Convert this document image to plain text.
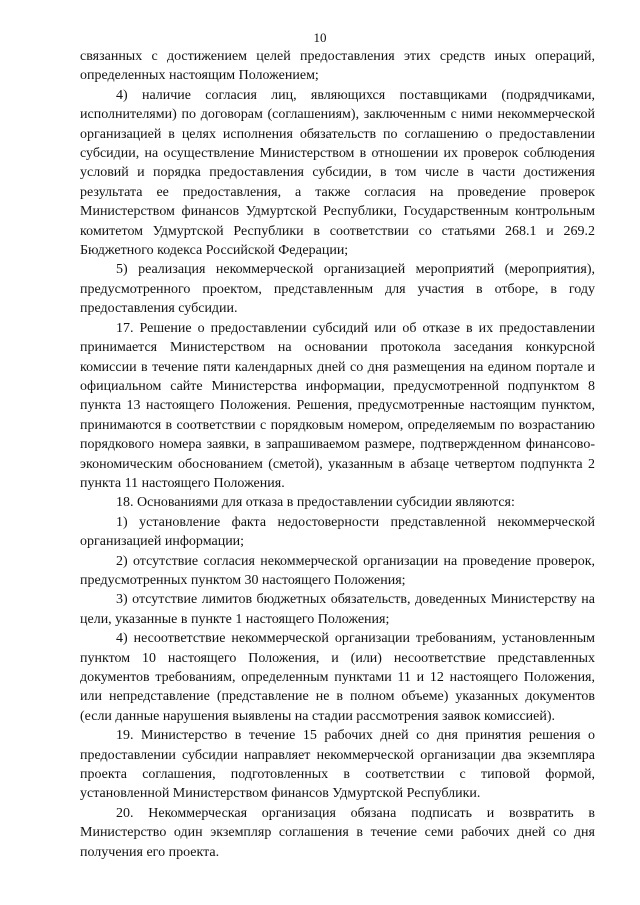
10

связанных с достижением целей предоставления этих средств иных операций, определенных настоящим Положением;

4) наличие согласия лиц, являющихся поставщиками (подрядчиками, исполнителями) по договорам (соглашениям), заключенным с ними некоммерческой организацией в целях исполнения обязательств по соглашению о предоставлении субсидии, на осуществление Министерством в отношении их проверок соблюдения условий и порядка предоставления субсидии, в том числе в части достижения результата ее предоставления, а также согласия на проведение проверок Министерством финансов Удмуртской Республики, Государственным контрольным комитетом Удмуртской Республики в соответствии со статьями 268.1 и 269.2 Бюджетного кодекса Российской Федерации;

5) реализация некоммерческой организацией мероприятий (мероприятия), предусмотренного проектом, представленным для участия в отборе, в году предоставления субсидии.

17. Решение о предоставлении субсидий или об отказе в их предоставлении принимается Министерством на основании протокола заседания конкурсной комиссии в течение пяти календарных дней со дня размещения на едином портале и официальном сайте Министерства информации, предусмотренной подпунктом 8 пункта 13 настоящего Положения. Решения, предусмотренные настоящим пунктом, принимаются в соответствии с порядковым номером, определяемым по возрастанию порядкового номера заявки, в запрашиваемом размере, подтвержденном финансово-экономическим обоснованием (сметой), указанным в абзаце четвертом подпункта 2 пункта 11 настоящего Положения.

18. Основаниями для отказа в предоставлении субсидии являются:

1) установление факта недостоверности представленной некоммерческой организацией информации;

2) отсутствие согласия некоммерческой организации на проведение проверок, предусмотренных пунктом 30 настоящего Положения;

3) отсутствие лимитов бюджетных обязательств, доведенных Министерству на цели, указанные в пункте 1 настоящего Положения;

4) несоответствие некоммерческой организации требованиям, установленным пунктом 10 настоящего Положения, и (или) несоответствие представленных документов требованиям, определенным пунктами 11 и 12 настоящего Положения, или непредставление (представление не в полном объеме) указанных документов (если данные нарушения выявлены на стадии рассмотрения заявок комиссией).

19. Министерство в течение 15 рабочих дней со дня принятия решения о предоставлении субсидии направляет некоммерческой организации два экземпляра проекта соглашения, подготовленных в соответствии с типовой формой, установленной Министерством финансов Удмуртской Республики.

20. Некоммерческая организация обязана подписать и возвратить в Министерство один экземпляр соглашения в течение семи рабочих дней со дня получения его проекта.
